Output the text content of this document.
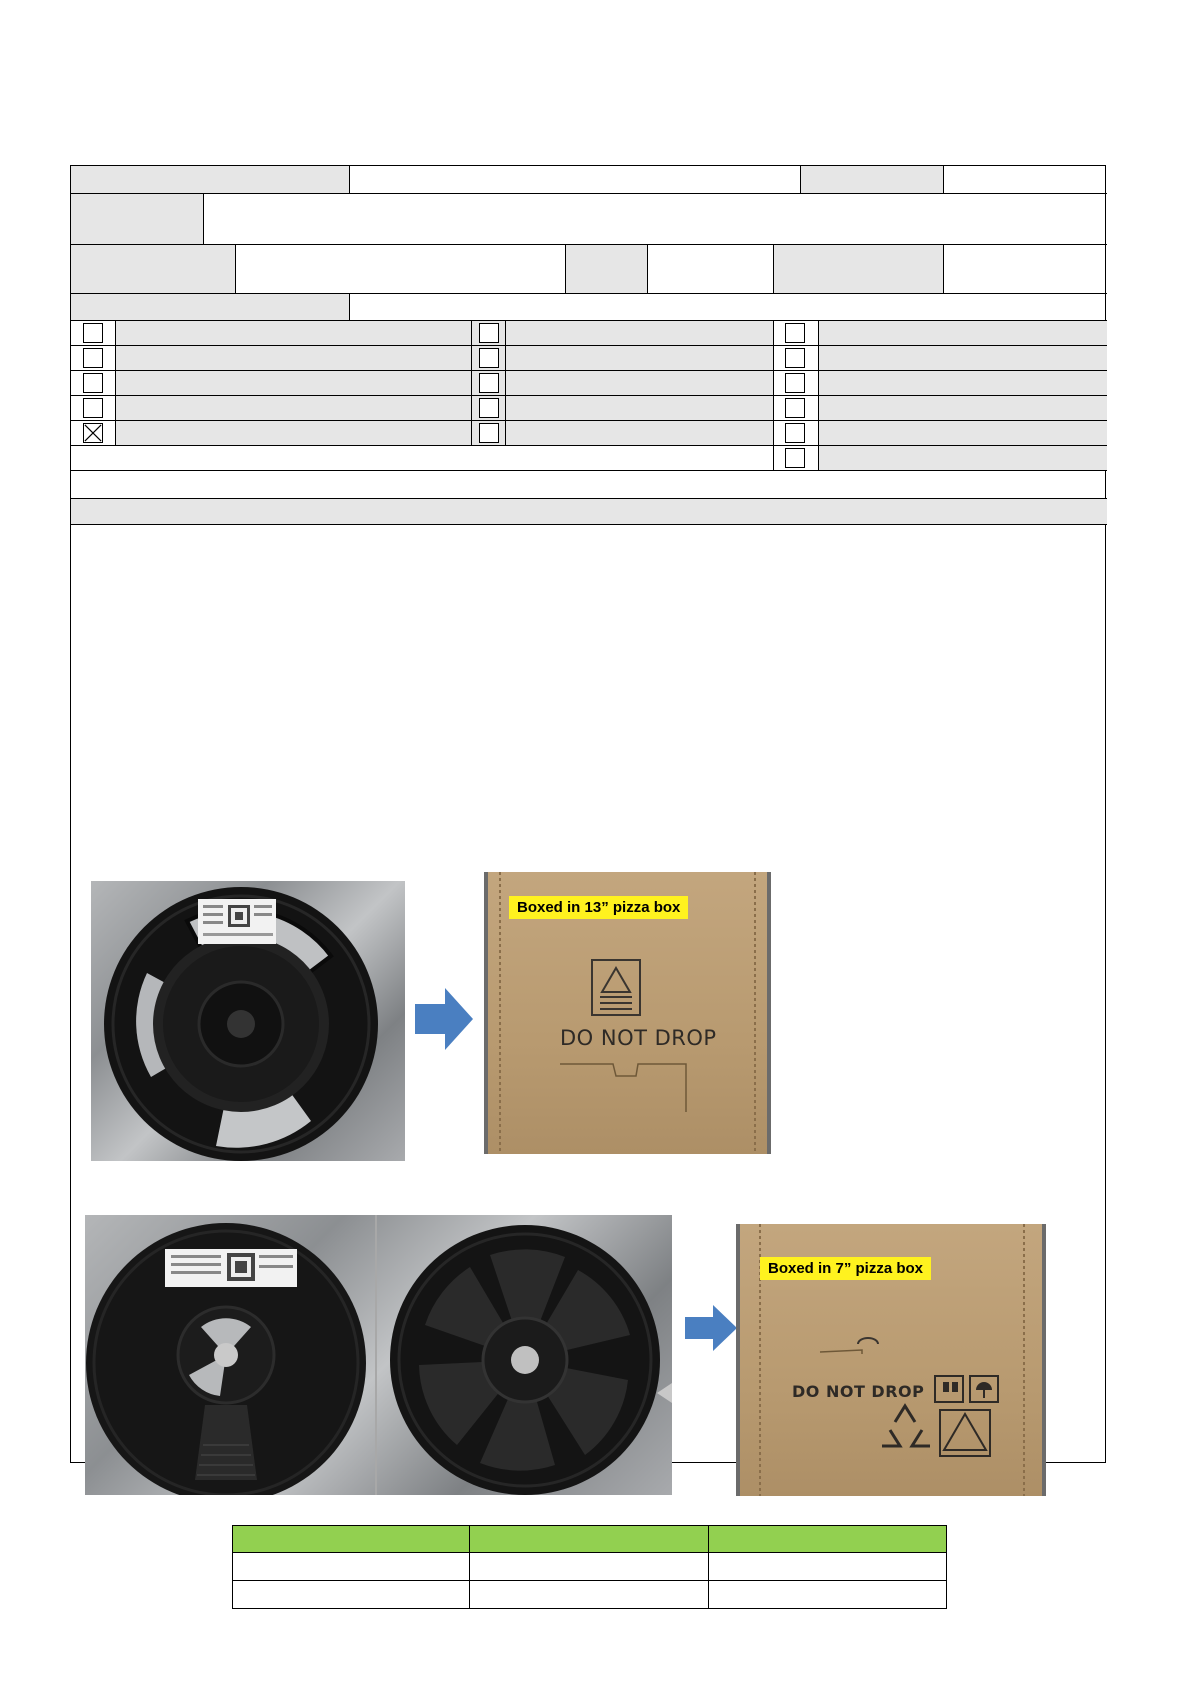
Boxed in 13” pizza box
DO NOT DROP
Boxed in 7” pizza box
DO NOT DROP
